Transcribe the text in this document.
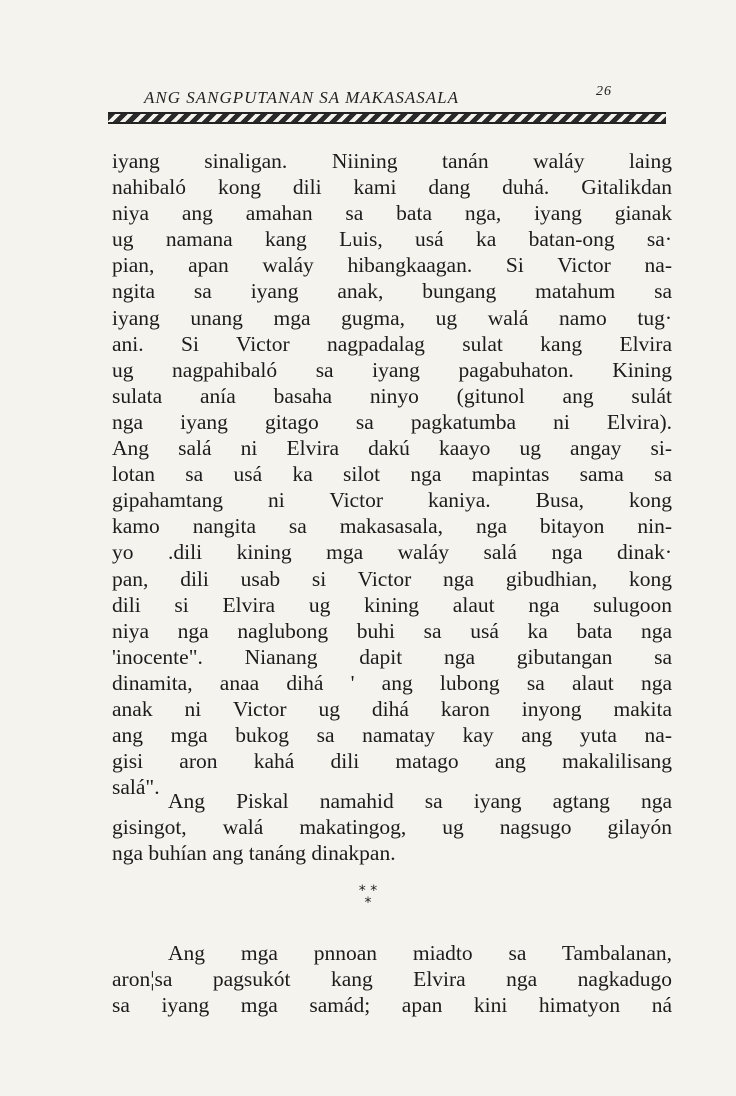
ANG SANGPUTANAN SA MAKASASALA	26
iyang sinaligan. Niining tanán waláy laing
nahibaló kong dili kami dang duhá. Gitalikdan
niya ang amahan sa bata nga, iyang gianak
ug namana kang Luis, usá ka batan-ong sa·
pian, apan waláy hibangkaagan. Si Victor na-
ngita sa iyang anak, bungang matahum sa
iyang unang mga gugma, ug walá namo tug·
ani. Si Victor nagpadalag sulat kang Elvira
ug nagpahibaló sa iyang pagabuhaton. Kining
sulata anía basaha ninyo (gitunol ang sulát
nga iyang gitago sa pagkatumba ni Elvira).
Ang salá ni Elvira dakú kaayo ug angay si-
lotan sa usá ka silot nga mapintas sama sa
gipahamtang ni Victor kaniya. Busa, kong
kamo nangita sa makasasala, nga bitayon nin-
yo .dili kining mga waláy salá nga dinak·
pan, dili usab si Victor nga gibudhian, kong
dili si Elvira ug kining alaut nga sulugoon
niya nga naglubong buhi sa usá ka bata nga
'inocente". Nianang dapit nga gibutangan sa
dinamita, anaa dihá ' ang lubong sa alaut nga
anak ni Victor ug dihá karon inyong makita
ang mga bukog sa namatay kay ang yuta na-
gisi aron kahá dili matago ang makalilisang
salá".
Ang Piskal namahid sa iyang agtang nga
gisingot, walá makatingog, ug nagsugo gilayón
nga buhían ang tanáng dinakpan.
* *
*
Ang mga pnnoan miadto sa Tambalanan,
aron¦sa pagsukót kang Elvira nga nagkadugo
sa iyang mga samád; apan kini himatyon ná
